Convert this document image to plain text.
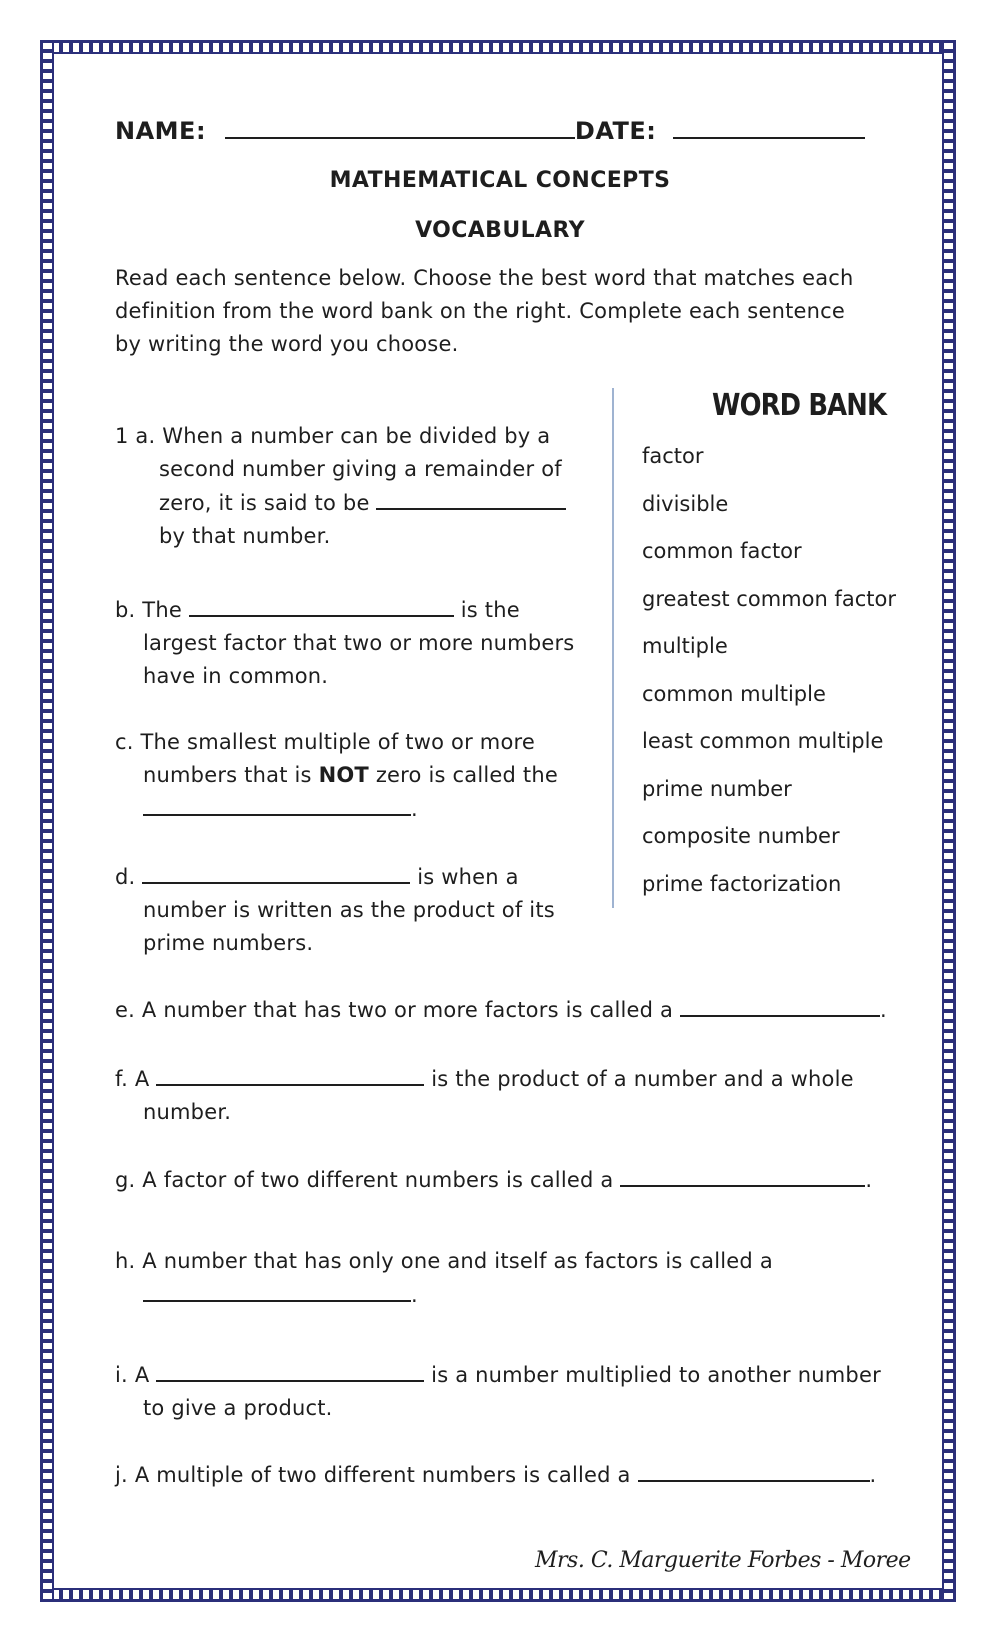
NAME:	DATE:
MATHEMATICAL CONCEPTS
VOCABULARY
Read each sentence below. Choose the best word that matches each definition from the word bank on the right. Complete each sentence by writing the word you choose.
WORD BANK
factor
divisible
common factor
greatest common factor
multiple
common multiple
least common multiple
prime number
composite number
prime factorization
1 a. When a number can be divided by a
second number giving a remainder of
zero, it is said to be
by that number.
b. The	is the
largest factor that two or more numbers
have in common.
c. The smallest multiple of two or more
numbers that is NOT zero is called the
.
d.	is when a
number is written as the product of its
prime numbers.
e. A number that has two or more factors is called a	.
f. A	is the product of a number and a whole
number.
g. A factor of two different numbers is called a	.
h. A number that has only one and itself as factors is called a
.
i. A	is a number multiplied to another number
to give a product.
j. A multiple of two different numbers is called a	.
Mrs. C. Marguerite Forbes - Moree
